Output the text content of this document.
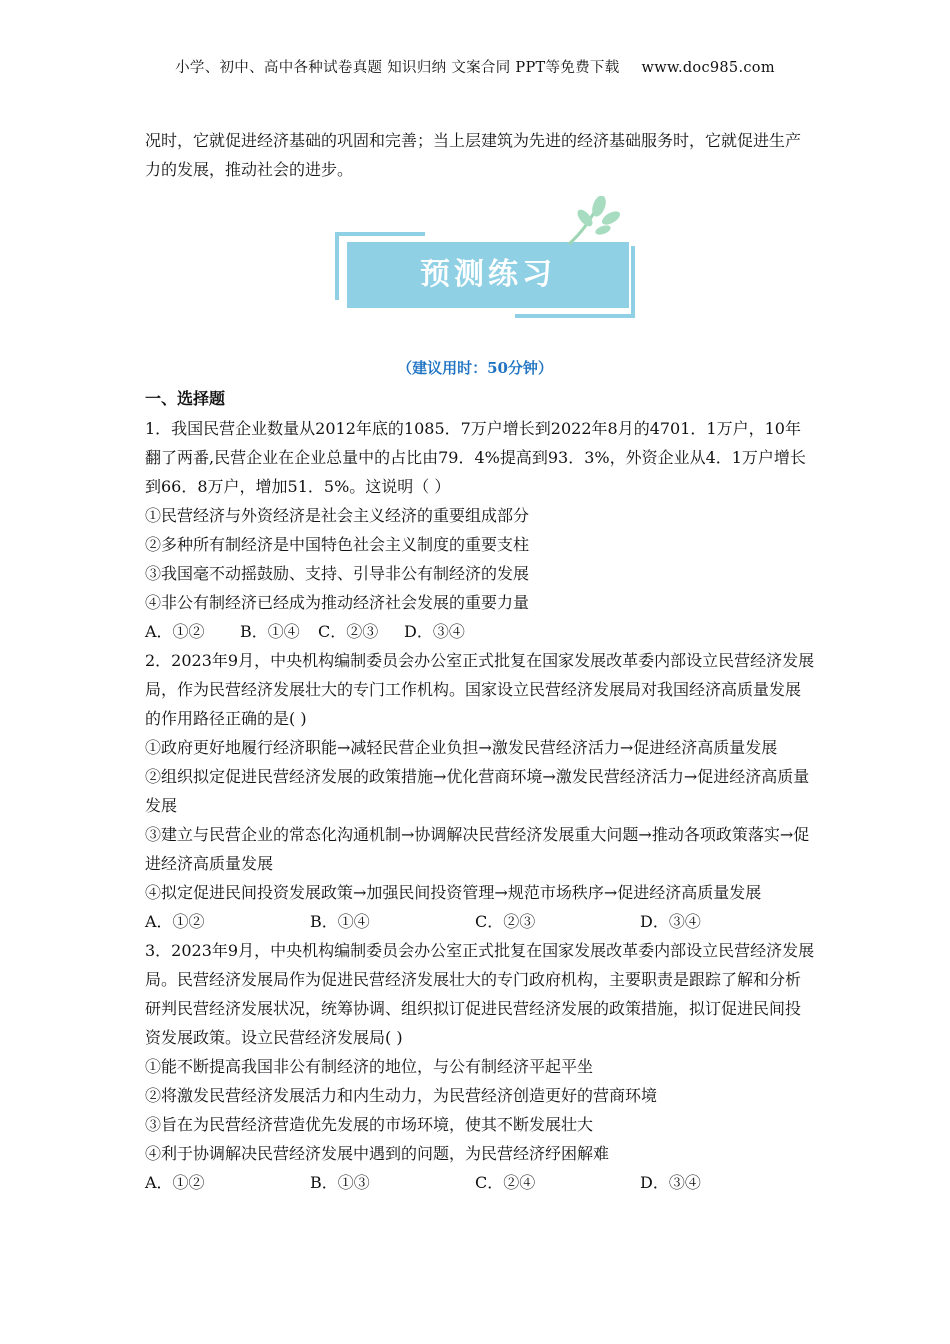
小学、初中、高中各种试卷真题 知识归纳 文案合同 PPT等免费下载 www.doc985.com

况时，它就促进经济基础的巩固和完善；当上层建筑为先进的经济基础服务时，它就促进生产力的发展，推动社会的进步。

预测练习
（建议用时：50分钟）
一、选择题

1．我国民营企业数量从2012年底的1085．7万户增长到2022年8月的4701．1万户，10年翻了两番,民营企业在企业总量中的占比由79．4%提高到93．3%，外资企业从4．1万户增长到66．8万户，增加51．5%。这说明（ ）

①民营经济与外资经济是社会主义经济的重要组成部分

②多种所有制经济是中国特色社会主义制度的重要支柱

③我国毫不动摇鼓励、支持、引导非公有制经济的发展

④非公有制经济已经成为推动经济社会发展的重要力量

A．①②	B．①④	C．②③	D．③④

2．2023年9月，中央机构编制委员会办公室正式批复在国家发展改革委内部设立民营经济发展局，作为民营经济发展壮大的专门工作机构。国家设立民营经济发展局对我国经济高质量发展的作用路径正确的是( )

①政府更好地履行经济职能→减轻民营企业负担→激发民营经济活力→促进经济高质量发展

②组织拟定促进民营经济发展的政策措施→优化营商环境→激发民营经济活力→促进经济高质量发展

③建立与民营企业的常态化沟通机制→协调解决民营经济发展重大问题→推动各项政策落实→促进经济高质量发展

④拟定促进民间投资发展政策→加强民间投资管理→规范市场秩序→促进经济高质量发展

A．①②	B．①④	C．②③	D．③④

3．2023年9月，中央机构编制委员会办公室正式批复在国家发展改革委内部设立民营经济发展局。民营经济发展局作为促进民营经济发展壮大的专门政府机构，主要职责是跟踪了解和分析研判民营经济发展状况，统筹协调、组织拟订促进民营经济发展的政策措施，拟订促进民间投资发展政策。设立民营经济发展局( )

①能不断提高我国非公有制经济的地位，与公有制经济平起平坐

②将激发民营经济发展活力和内生动力，为民营经济创造更好的营商环境

③旨在为民营经济营造优先发展的市场环境，使其不断发展壮大

④利于协调解决民营经济发展中遇到的问题，为民营经济纾困解难

A．①②	B．①③	C．②④	D．③④
